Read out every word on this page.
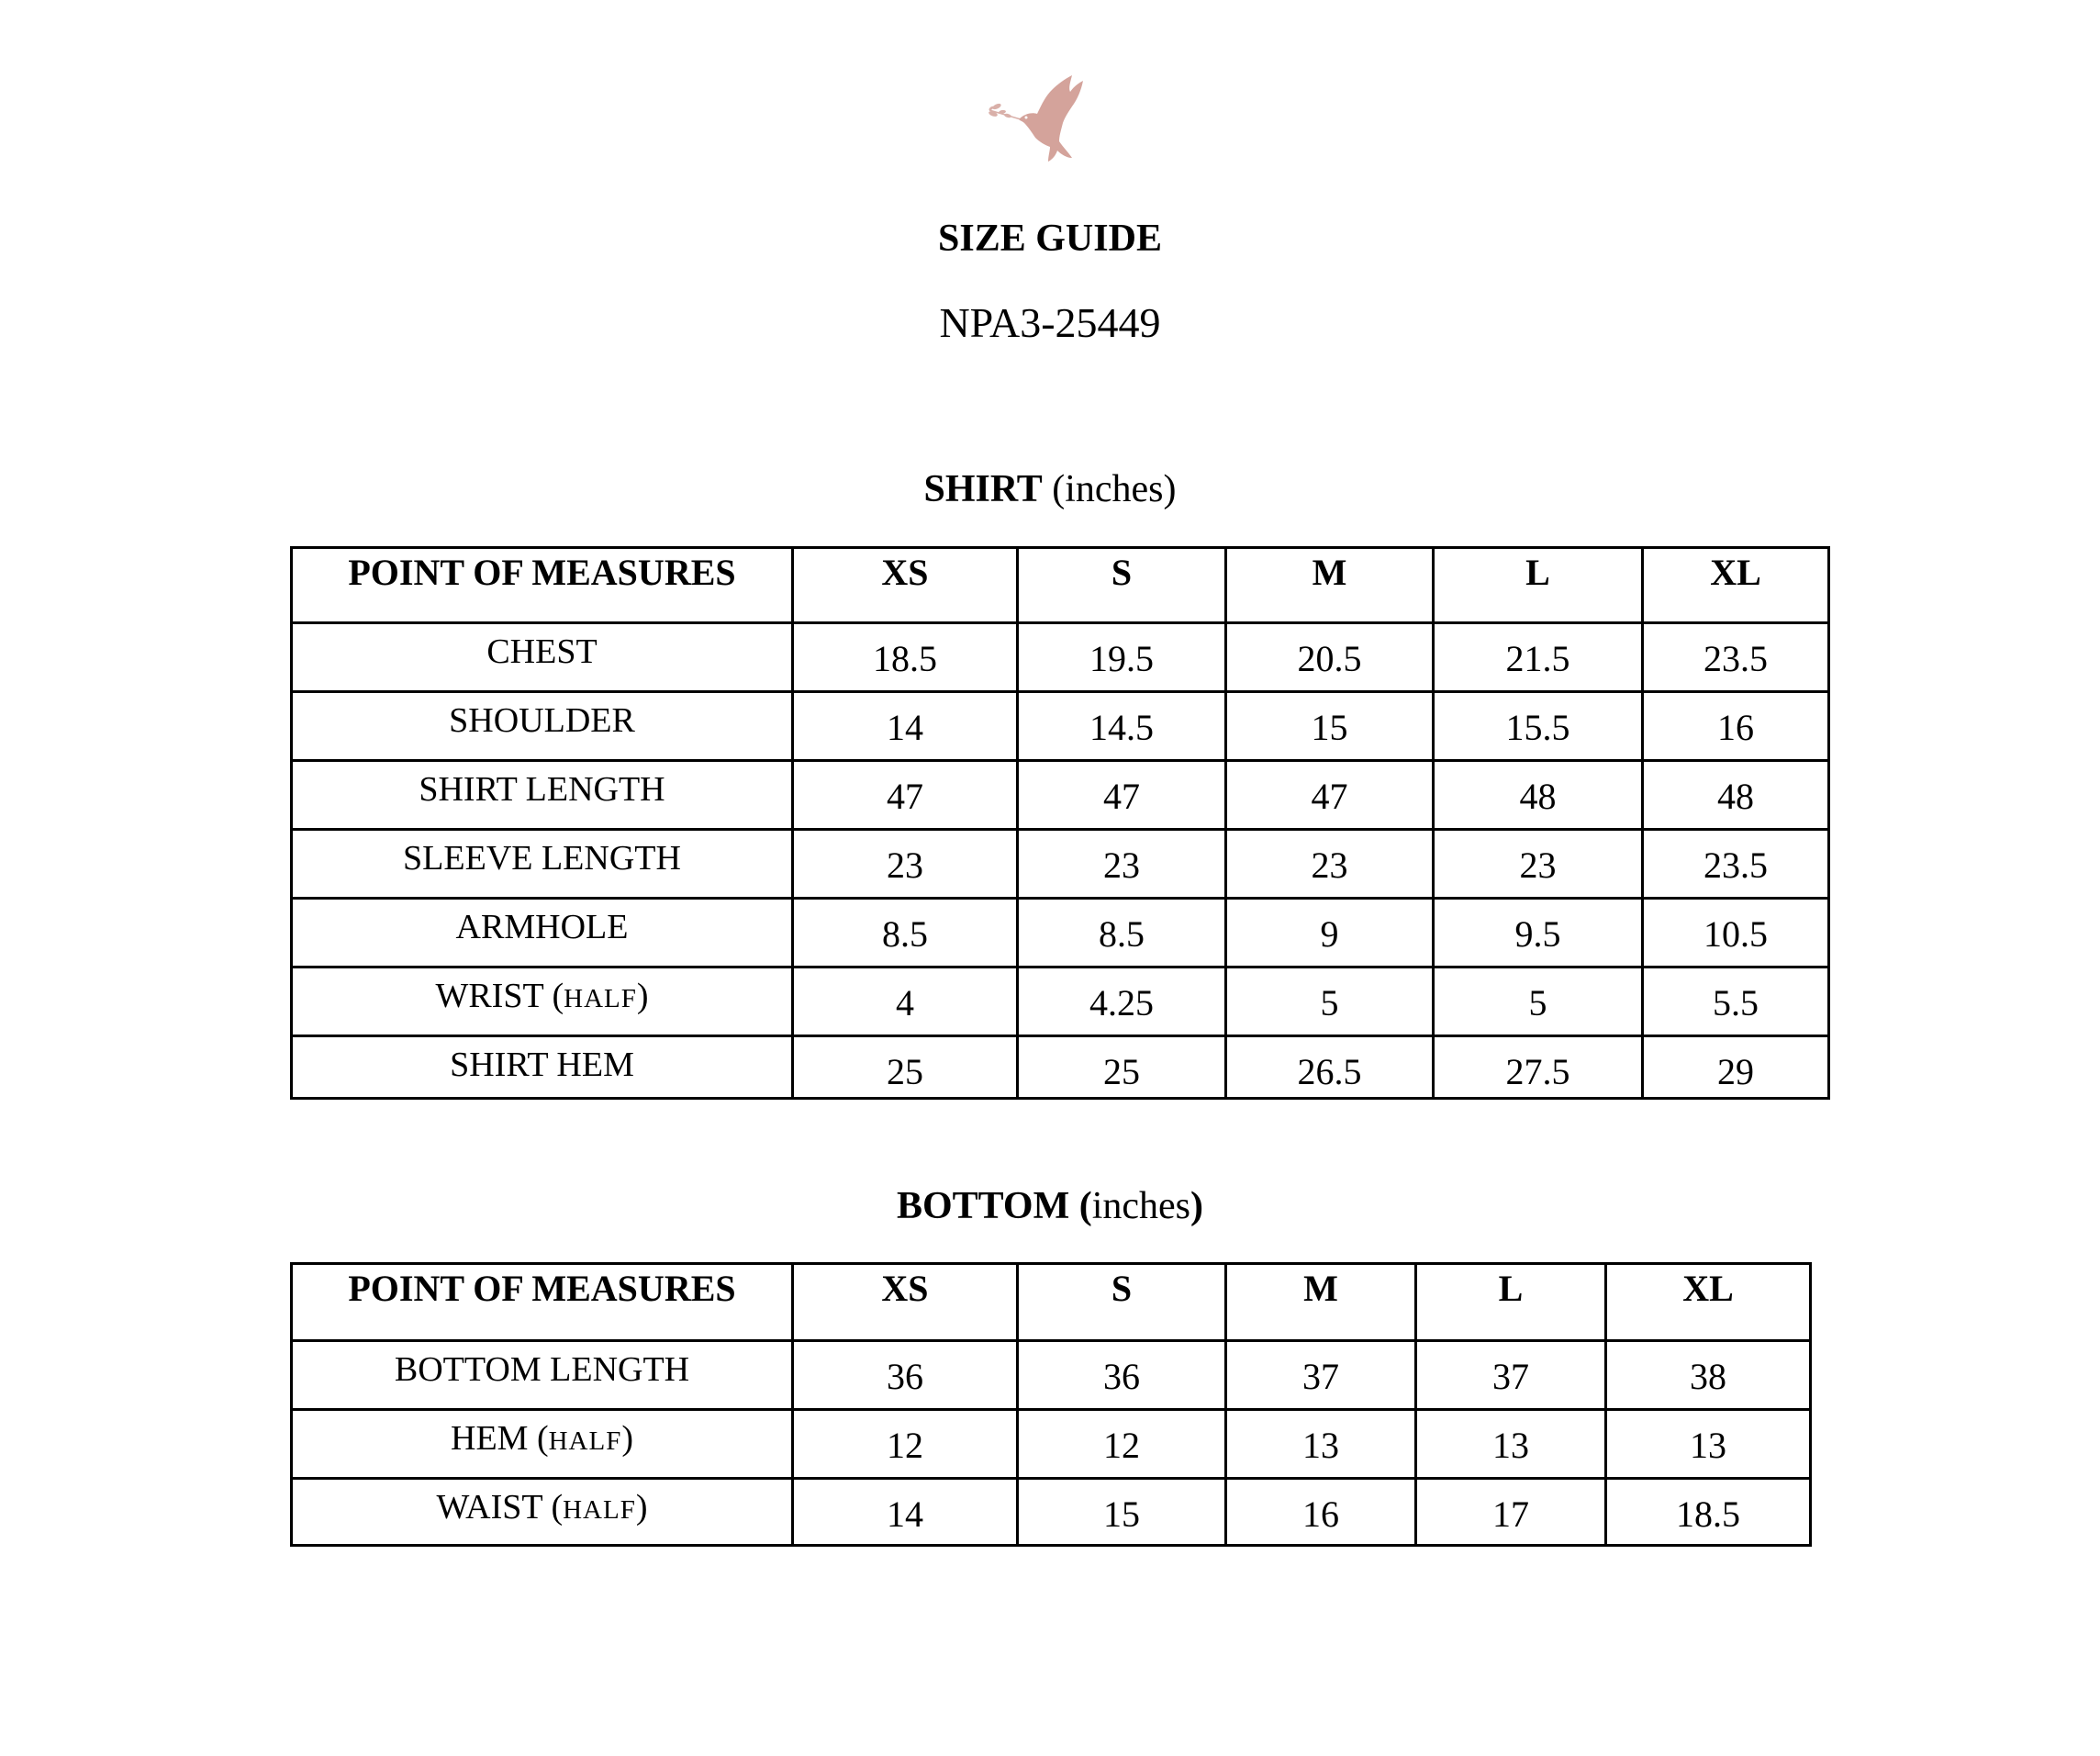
SIZE GUIDE
NPA3-25449
SHIRT (inches)
POINT OF MEASURES	XS	S	M	L	XL
CHEST	18.5	19.5	20.5	21.5	23.5
SHOULDER	14	14.5	15	15.5	16
SHIRT LENGTH	47	47	47	48	48
SLEEVE LENGTH	23	23	23	23	23.5
ARMHOLE	8.5	8.5	9	9.5	10.5
WRIST (HALF)	4	4.25	5	5	5.5
SHIRT HEM	25	25	26.5	27.5	29
BOTTOM (inches)
POINT OF MEASURES	XS	S	M	L	XL
BOTTOM LENGTH	36	36	37	37	38
HEM (HALF)	12	12	13	13	13
WAIST (HALF)	14	15	16	17	18.5
